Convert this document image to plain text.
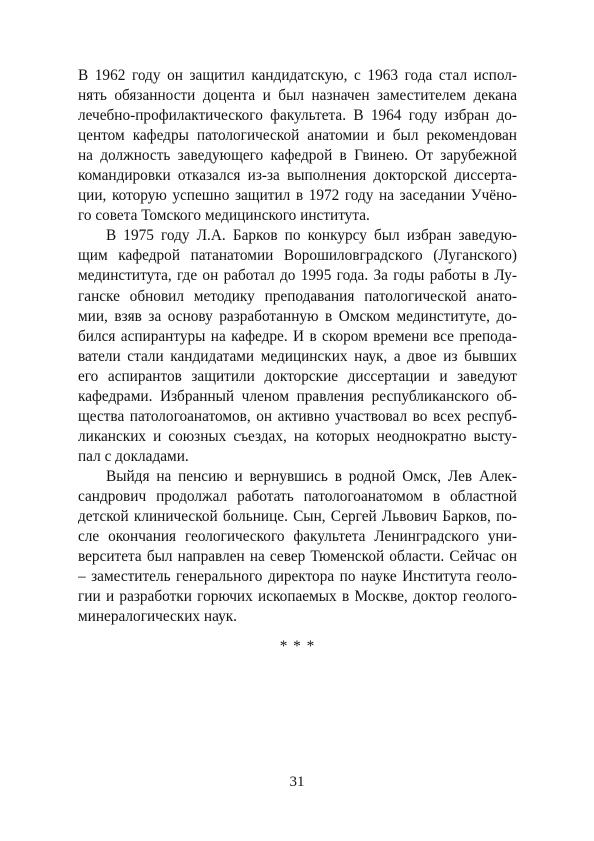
В 1962 году он защитил кандидатскую, с 1963 года стал испол-
нять обязанности доцента и был назначен заместителем декана
лечебно-профилактического факультета. В 1964 году избран до-
центом кафедры патологической анатомии и был рекомендован
на должность заведующего кафедрой в Гвинею. От зарубежной
командировки отказался из-за выполнения докторской диссерта-
ции, которую успешно защитил в 1972 году на заседании Учёно-
го совета Томского медицинского института.
В 1975 году Л.А. Барков по конкурсу был избран заведую-
щим кафедрой патанатомии Ворошиловградского (Луганского)
мединститута, где он работал до 1995 года. За годы работы в Лу-
ганске обновил методику преподавания патологической анато-
мии, взяв за основу разработанную в Омском мединституте, до-
бился аспирантуры на кафедре. И в скором времени все препода-
ватели стали кандидатами медицинских наук, а двое из бывших
его аспирантов защитили докторские диссертации и заведуют
кафедрами. Избранный членом правления республиканского об-
щества патологоанатомов, он активно участвовал во всех респуб-
ликанских и союзных съездах, на которых неоднократно высту-
пал с докладами.
Выйдя на пенсию и вернувшись в родной Омск, Лев Алек-
сандрович продолжал работать патологоанатомом в областной
детской клинической больнице. Сын, Сергей Львович Барков, по-
сле окончания геологического факультета Ленинградского уни-
верситета был направлен на север Тюменской области. Сейчас он
– заместитель генерального директора по науке Института геоло-
гии и разработки горючих ископаемых в Москве, доктор геолого-
минералогических наук.
* * *
31
